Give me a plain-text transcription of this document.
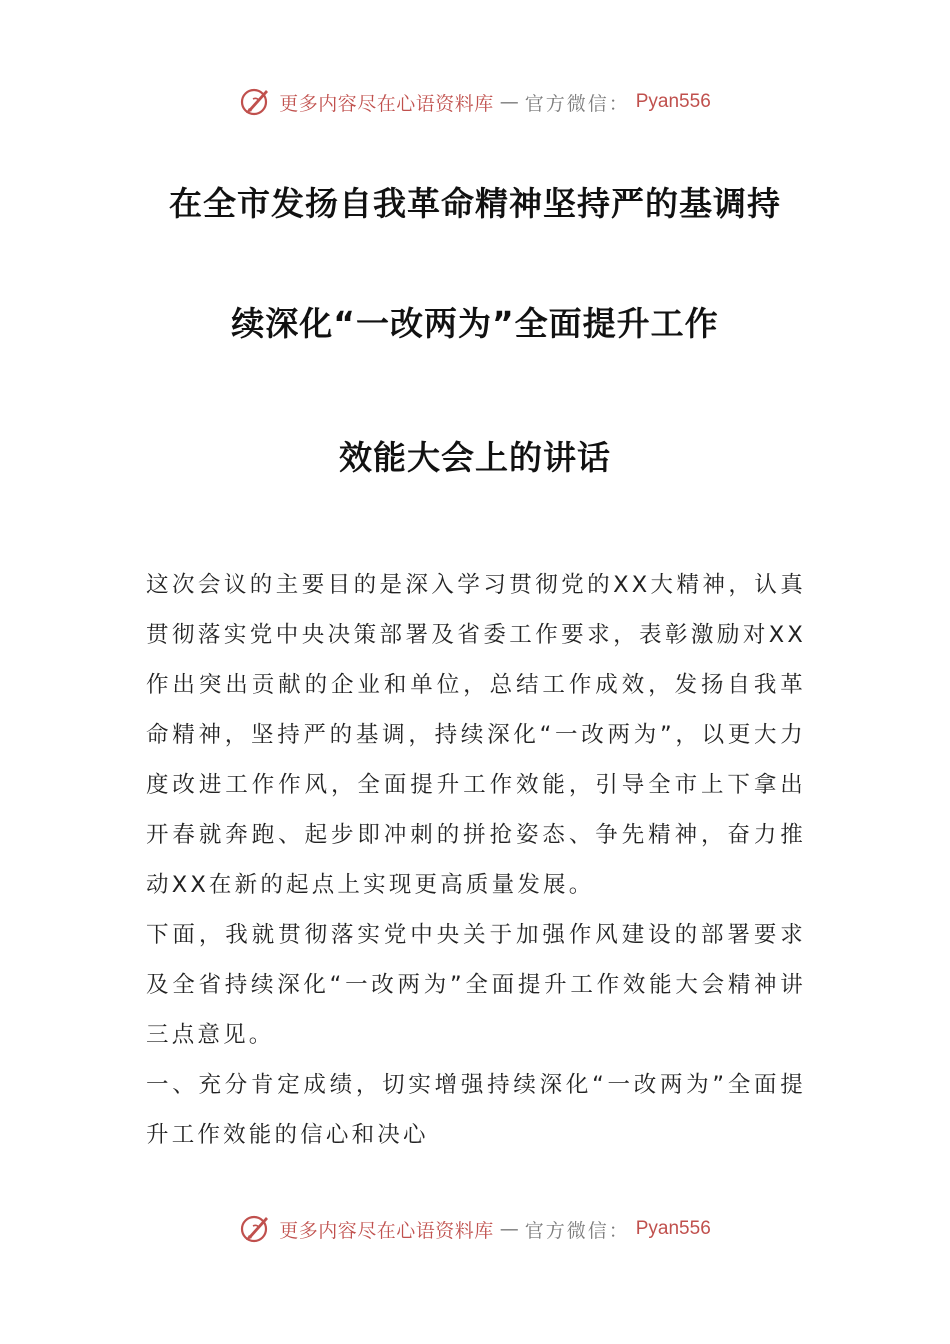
更多内容尽在心语资料库 — 官方微信： Pyan556
在全市发扬自我革命精神坚持严的基调持
续深化“一改两为”全面提升工作
效能大会上的讲话

这次会议的主要目的是深入学习贯彻党的XX大精神，认真贯彻落实党中央决策部署及省委工作要求，表彰激励对XX作出突出贡献的企业和单位，总结工作成效，发扬自我革命精神，坚持严的基调，持续深化“一改两为”，以更大力度改进工作作风，全面提升工作效能，引导全市上下拿出开春就奔跑、起步即冲刺的拼抢姿态、争先精神，奋力推动XX在新的起点上实现更高质量发展。

下面，我就贯彻落实党中央关于加强作风建设的部署要求及全省持续深化“一改两为”全面提升工作效能大会精神讲三点意见。

一、充分肯定成绩，切实增强持续深化“一改两为”全面提升工作效能的信心和决心

更多内容尽在心语资料库 — 官方微信： Pyan556
